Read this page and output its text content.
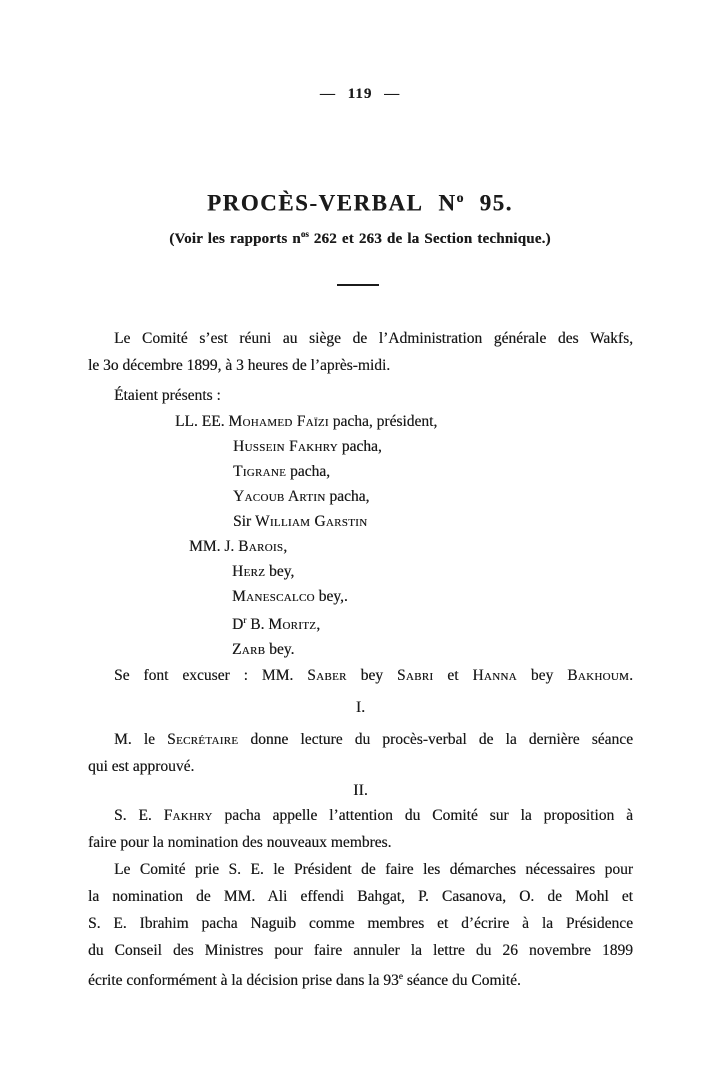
— 119 —
PROCÈS-VERBAL $N^o$ 95.
(Voir les rapports $n^{os}$ 262 et 263 de la Section technique.)
Le Comité s’est réuni au siège de l’Administration générale des Wakfs,
le 3o décembre 1899, à 3 heures de l’après-midi.
Étaient présents :
LL. EE. Mohamed Faïzi pacha, président,
Hussein Fakhry pacha,
Tigrane pacha,
Yacoub Artin pacha,
Sir William Garstin
MM. J. Barois,
Herz bey,
Manescalco bey,.
$D^r$ B. Moritz,
Zarb bey.
Se font excuser : MM. Saber bey Sabri et Hanna bey Bakhoum.
I.
M. le Secrétaire donne lecture du procès-verbal de la dernière séance
qui est approuvé.
II.
S. E. Fakhry pacha appelle l’attention du Comité sur la proposition à
faire pour la nomination des nouveaux membres.
Le Comité prie S. E. le Président de faire les démarches nécessaires pour
la nomination de MM. Ali effendi Bahgat, P. Casanova, O. de Mohl et
S. E. Ibrahim pacha Naguib comme membres et d’écrire à la Présidence
du Conseil des Ministres pour faire annuler la lettre du 26 novembre 1899
écrite conformément à la décision prise dans la 93e séance du Comité.
